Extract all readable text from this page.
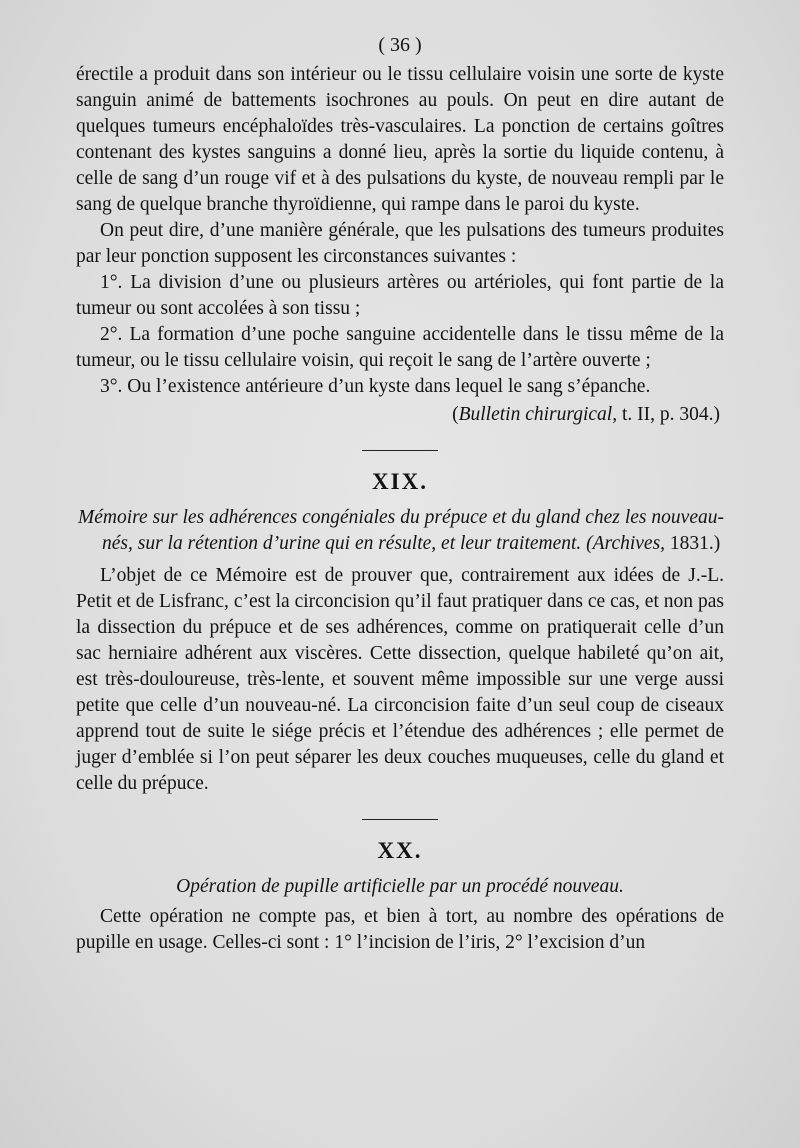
( 36 )

érectile a produit dans son intérieur ou le tissu cellulaire voisin une sorte de kyste sanguin animé de battements isochrones au pouls. On peut en dire autant de quelques tumeurs encéphaloïdes très-vasculaires. La ponction de certains goîtres contenant des kystes sanguins a donné lieu, après la sortie du liquide contenu, à celle de sang d’un rouge vif et à des pulsations du kyste, de nouveau rempli par le sang de quelque branche thyroïdienne, qui rampe dans le paroi du kyste.

On peut dire, d’une manière générale, que les pulsations des tumeurs produites par leur ponction supposent les circonstances suivantes :

1°. La division d’une ou plusieurs artères ou artérioles, qui font partie de la tumeur ou sont accolées à son tissu ;

2°. La formation d’une poche sanguine accidentelle dans le tissu même de la tumeur, ou le tissu cellulaire voisin, qui reçoit le sang de l’artère ouverte ;

3°. Ou l’existence antérieure d’un kyste dans lequel le sang s’épanche.

(Bulletin chirurgical, t. II, p. 304.)

XIX.

Mémoire sur les adhérences congéniales du prépuce et du gland chez les nouveau-nés, sur la rétention d’urine qui en résulte, et leur traitement. (Archives, 1831.)

L’objet de ce Mémoire est de prouver que, contrairement aux idées de J.-L. Petit et de Lisfranc, c’est la circoncision qu’il faut pratiquer dans ce cas, et non pas la dissection du prépuce et de ses adhérences, comme on pratiquerait celle d’un sac herniaire adhérent aux viscères. Cette dissection, quelque habileté qu’on ait, est très-douloureuse, très-lente, et souvent même impossible sur une verge aussi petite que celle d’un nouveau-né. La circoncision faite d’un seul coup de ciseaux apprend tout de suite le siége précis et l’étendue des adhérences ; elle permet de juger d’emblée si l’on peut séparer les deux couches muqueuses, celle du gland et celle du prépuce.

XX.

Opération de pupille artificielle par un procédé nouveau.

Cette opération ne compte pas, et bien à tort, au nombre des opérations de pupille en usage. Celles-ci sont : 1° l’incision de l’iris, 2° l’excision d’un
